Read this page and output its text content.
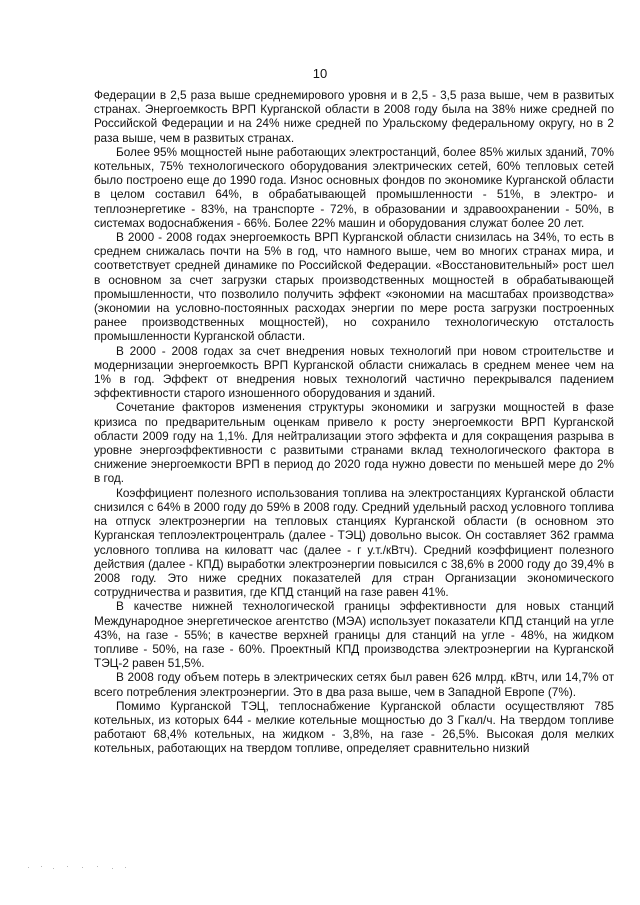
10

Федерации в 2,5 раза выше среднемирового уровня и в 2,5 - 3,5 раза выше, чем в развитых странах. Энергоемкость ВРП Курганской области в 2008 году была на 38% ниже средней по Российской Федерации и на 24% ниже средней по Уральскому федеральному округу, но в 2 раза выше, чем в развитых странах.

Более 95% мощностей ныне работающих электростанций, более 85% жилых зданий, 70% котельных, 75% технологического оборудования электрических сетей, 60% тепловых сетей было построено еще до 1990 года. Износ основных фондов по экономике Курганской области в целом составил 64%, в обрабатывающей промышленности - 51%, в электро- и теплоэнергетике - 83%, на транспорте - 72%, в образовании и здравоохранении - 50%, в системах водоснабжения - 66%. Более 22% машин и оборудования служат более 20 лет.

В 2000 - 2008 годах энергоемкость ВРП Курганской области снизилась на 34%, то есть в среднем снижалась почти на 5% в год, что намного выше, чем во многих странах мира, и соответствует средней динамике по Российской Федерации. «Восстановительный» рост шел в основном за счет загрузки старых производственных мощностей в обрабатывающей промышленности, что позволило получить эффект «экономии на масштабах производства» (экономии на условно-постоянных расходах энергии по мере роста загрузки построенных ранее производственных мощностей), но сохранило технологическую отсталость промышленности Курганской области.

В 2000 - 2008 годах за счет внедрения новых технологий при новом строительстве и модернизации энергоемкость ВРП Курганской области снижалась в среднем менее чем на 1% в год. Эффект от внедрения новых технологий частично перекрывался падением эффективности старого изношенного оборудования и зданий.

Сочетание факторов изменения структуры экономики и загрузки мощностей в фазе кризиса по предварительным оценкам привело к росту энергоемкости ВРП Курганской области 2009 году на 1,1%. Для нейтрализации этого эффекта и для сокращения разрыва в уровне энергоэффективности с развитыми странами вклад технологического фактора в снижение энергоемкости ВРП в период до 2020 года нужно довести по меньшей мере до 2% в год.

Коэффициент полезного использования топлива на электростанциях Курганской области снизился с 64% в 2000 году до 59% в 2008 году. Средний удельный расход условного топлива на отпуск электроэнергии на тепловых станциях Курганской области (в основном это Курганская теплоэлектроцентраль (далее - ТЭЦ) довольно высок. Он составляет 362 грамма условного топлива на киловатт час (далее - г у.т./кВтч). Средний коэффициент полезного действия (далее - КПД) выработки электроэнергии повысился с 38,6% в 2000 году до 39,4% в 2008 году. Это ниже средних показателей для стран Организации экономического сотрудничества и развития, где КПД станций на газе равен 41%.

В качестве нижней технологической границы эффективности для новых станций Международное энергетическое агентство (МЭА) использует показатели КПД станций на угле 43%, на газе - 55%; в качестве верхней границы для станций на угле - 48%, на жидком топливе - 50%, на газе - 60%. Проектный КПД производства электроэнергии на Курганской ТЭЦ-2 равен 51,5%.

В 2008 году объем потерь в электрических сетях был равен 626 млрд. кВтч, или 14,7% от всего потребления электроэнергии. Это в два раза выше, чем в Западной Европе (7%).

Помимо Курганской ТЭЦ, теплоснабжение Курганской области осуществляют 785 котельных, из которых 644 - мелкие котельные мощностью до 3 Гкал/ч. На твердом топливе работают 68,4% котельных, на жидком - 3,8%, на газе - 26,5%. Высокая доля мелких котельных, работающих на твердом топливе, определяет сравнительно низкий
